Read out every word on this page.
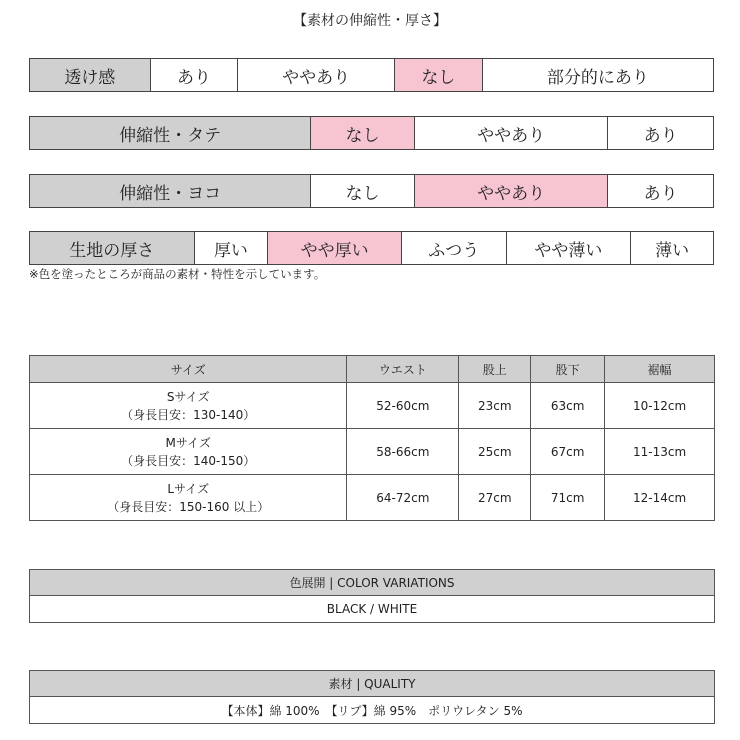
【素材の伸縮性・厚さ】
透け感	あり	ややあり	なし	部分的にあり
伸縮性・タテ	なし	ややあり	あり
伸縮性・ヨコ	なし	ややあり	あり
生地の厚さ	厚い	やや厚い	ふつう	やや薄い	薄い
※色を塗ったところが商品の素材・特性を示しています。
サイズ	ウエスト	股上	股下	裾幅
Sサイズ
（身長目安：130-140）	52-60cm	23cm	63cm	10-12cm
Mサイズ
（身長目安：140-150）	58-66cm	25cm	67cm	11-13cm
Lサイズ
（身長目安：150-160 以上）	64-72cm	27cm	71cm	12-14cm
色展開 | COLOR VARIATIONS
BLACK / WHITE
素材 | QUALITY
【本体】綿 100%　【リブ】綿 95%　ポリウレタン 5%
